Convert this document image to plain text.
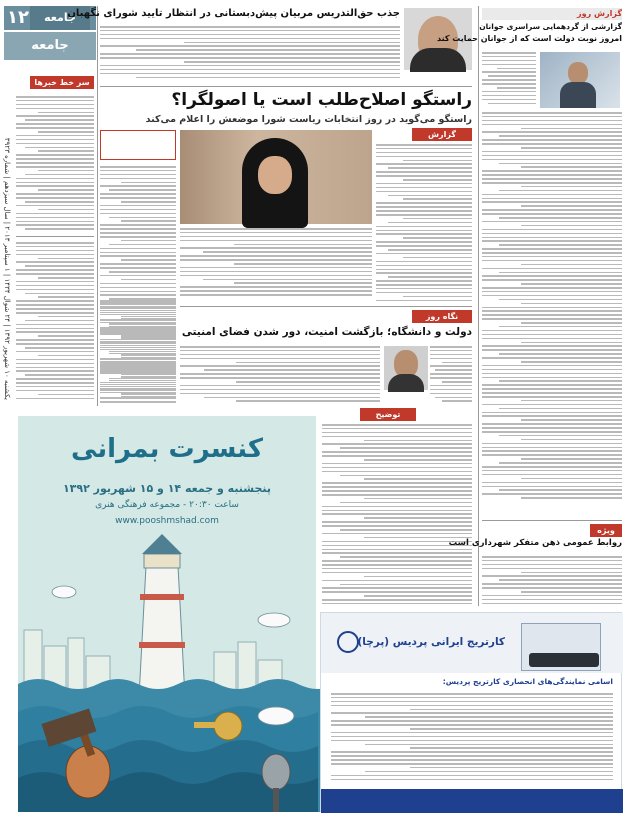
١٢	جامعه
جامعه
یکشنبه ۱۰ شهریور ۱۳۹۲ | ۲۴ شوال ۱۴۳۴ | ۱ سپتامبر ۲۰۱۳ | سال سیزدهم | شماره ۳۹۲۳
سر خط خبرها
جذب حق‌التدریس مربیان پیش‌دبستانی در انتظار تایید شورای نگهبان
راستگو اصلاح‌طلب است یا اصولگرا؟
راستگو می‌گوید در روز انتخابات ریاست شورا موضعش را اعلام می‌کند
گزارش
نگاه روز
دولت و دانشگاه؛ بازگشت امنیت، دور شدن فضای امنیتی
توضیح
گزارش روز
گزارشی از گردهمایی سراسری جوانان
امروز نوبت دولت است که از جوانان حمایت کند
ویژه
روابط عمومی ذهن متفکر شهرداری است
کنسرت بمرانی
پنجشنبه و جمعه ۱۴ و ۱۵ شهریور ۱۳۹۲
ساعت ۲۰:۳۰ - مجموعه فرهنگی هنری
www.pooshmshad.com
کارتریج ایرانی پردیس (پرچا)
اسامی نمایندگی‌های انحصاری کارتریج پردیس:
